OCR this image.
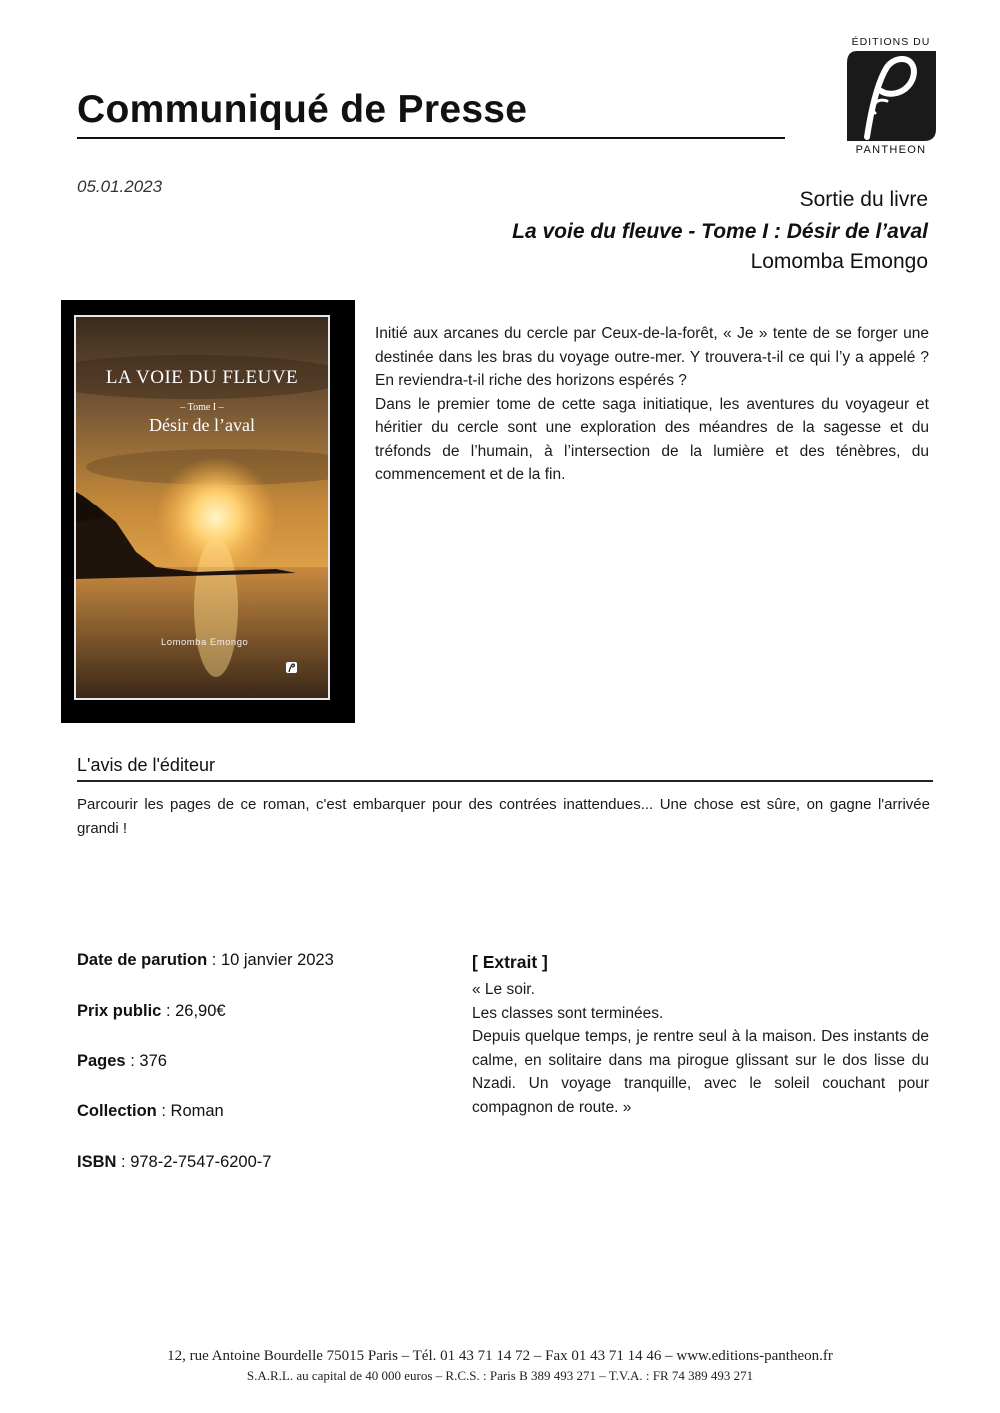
Communiqué de Presse
ÉDITIONS DU
PANTHEON
05.01.2023
Sortie du livre
La voie du fleuve - Tome I : Désir de l’aval
Lomomba Emongo
LA VOIE DU FLEUVE
– Tome I –
Désir de l’aval
Lomomba Emongo

Initié aux arcanes du cercle par Ceux-de-la-forêt, « Je » tente de se forger une destinée dans les bras du voyage outre-mer. Y trouvera-t-il ce qui l’y a appelé ? En reviendra-t-il riche des horizons espérés ?

Dans le premier tome de cette saga initiatique, les aventures du voyageur et héritier du cercle sont une exploration des méandres de la sagesse et du tréfonds de l’humain, à l’intersection de la lumière et des ténèbres, du commencement et de la fin.

L'avis de l'éditeur
Parcourir les pages de ce roman, c'est embarquer pour des contrées inattendues... Une chose est sûre, on gagne l'arrivée grandi !
Date de parution : 10 janvier 2023
Prix public : 26,90€
Pages : 376
Collection : Roman
ISBN : 978-2-7547-6200-7
[ Extrait ]

« Le soir.

Les classes sont terminées.

Depuis quelque temps, je rentre seul à la maison. Des instants de calme, en solitaire dans ma pirogue glissant sur le dos lisse du Nzadi. Un voyage tranquille, avec le soleil couchant pour compagnon de route. »

12, rue Antoine Bourdelle 75015 Paris – Tél. 01 43 71 14 72 – Fax 01 43 71 14 46 – www.editions-pantheon.fr
S.A.R.L. au capital de 40 000 euros – R.C.S. : Paris B 389 493 271 – T.V.A. : FR 74 389 493 271
